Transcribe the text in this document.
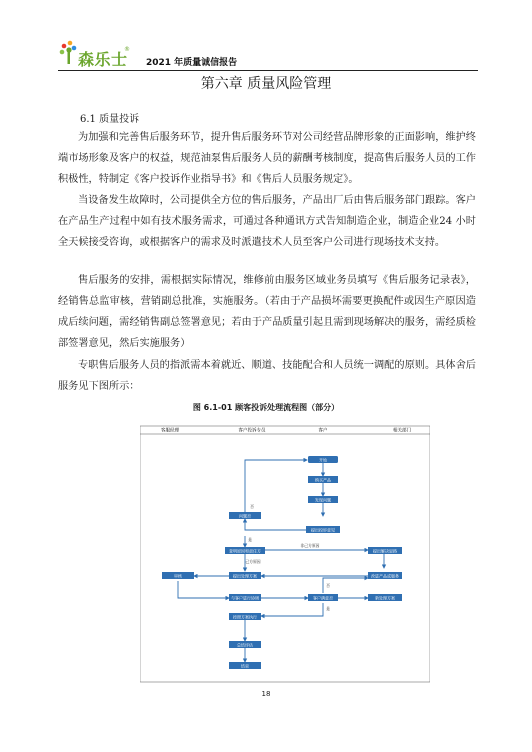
森乐士
®
2021 年质量诚信报告
第六章 质量风险管理
6.1 质量投诉

为加强和完善售后服务环节，提升售后服务环节对公司经营品牌形象的正面影响，维护终端市场形象及客户的权益，规范油泵售后服务人员的薪酬考核制度，提高售后服务人员的工作积极性，特制定《客户投诉作业指导书》和《售后人员服务规定》。

当设备发生故障时，公司提供全方位的售后服务，产品出厂后由售后服务部门跟踪。客户在产品生产过程中如有技术服务需求，可通过各种通讯方式告知制造企业，制造企业24 小时全天候接受咨询，或根据客户的需求及时派遣技术人员至客户公司进行现场技术支持。

售后服务的安排，需根据实际情况，维修前由服务区域业务员填写《售后服务记录表》，经销售总监审核，营销副总批准，实施服务。（若由于产品损坏需要更换配件或因生产原因造成后续问题，需经销售副总签署意见；若由于产品质量引起且需到现场解决的服务，需经质检部签署意见，然后实施服务）

专职售后服务人员的指派需本着就近、顺道、技能配合和人员统一调配的原则。具体舍后服务见下图所示：

图 6.1-01 顾客投诉处理流程图（部分）
客服经理	客户投诉专员	客户	相关部门
开始
购买产品
发现问题
提出投诉意见
问题否
查明原因和责任方
提出处理方案
审核
与客户进行协调	客户满意否
按照方案执行
总结评估
结束
提出解决思路
改进产品或服务
新处理方案
否
是
非己方原因
己方原因
否
是
18
